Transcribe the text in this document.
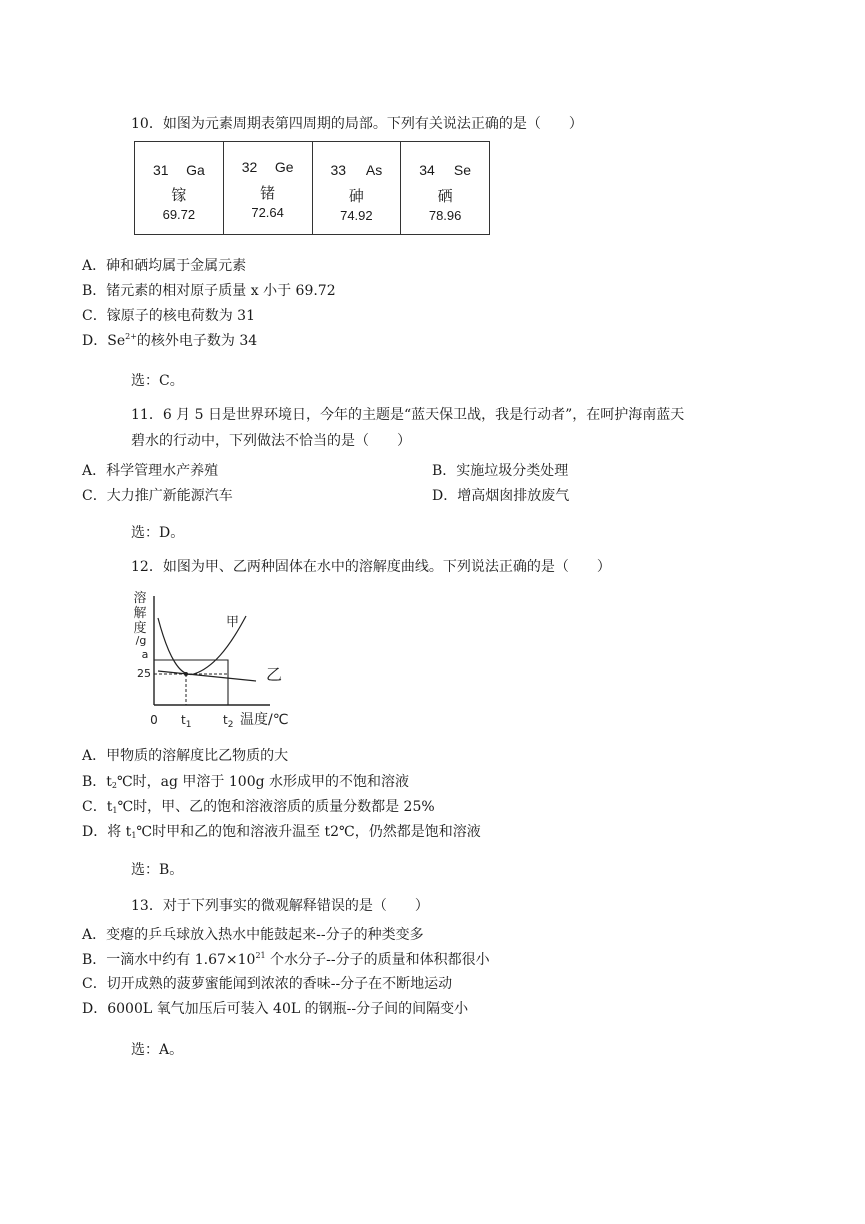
10．如图为元素周期表第四周期的局部。下列有关说法正确的是（　　）
31 Ga
镓
69.72
32 Ge
锗
72.64
33 As
砷
74.92
34 Se
硒
78.96
A．砷和硒均属于金属元素
B．锗元素的相对原子质量 x 小于 69.72
C．镓原子的核电荷数为 31
D．$Se^{2+}$的核外电子数为 34
选：C。
11．6 月 5 日是世界环境日，今年的主题是“蓝天保卫战，我是行动者”，在呵护海南蓝天
碧水的行动中，下列做法不恰当的是（　　）
A．科学管理水产养殖	B．实施垃圾分类处理
C．大力推广新能源汽车	D．增高烟囱排放废气
选：D。
12．如图为甲、乙两种固体在水中的溶解度曲线。下列说法正确的是（　　）
溶
解
度
/g
a
25
甲
乙
0 $t_1$	$t_2$ 温度/℃
A．甲物质的溶解度比乙物质的大
B．$t_2℃$时，ag 甲溶于 100g 水形成甲的不饱和溶液
C．$t_1℃$时，甲、乙的饱和溶液溶质的质量分数都是 25%
D．将 $t_1℃$时甲和乙的饱和溶液升温至 t2℃，仍然都是饱和溶液
选：B。
13．对于下列事实的微观解释错误的是（　　）
A．变瘪的乒乓球放入热水中能鼓起来--分子的种类变多
B．一滴水中约有 $1.67\times 10^{21}$ 个水分子--分子的质量和体积都很小
C．切开成熟的菠萝蜜能闻到浓浓的香味--分子在不断地运动
D．6000L 氧气加压后可装入 40L 的钢瓶--分子间的间隔变小
选：A。
